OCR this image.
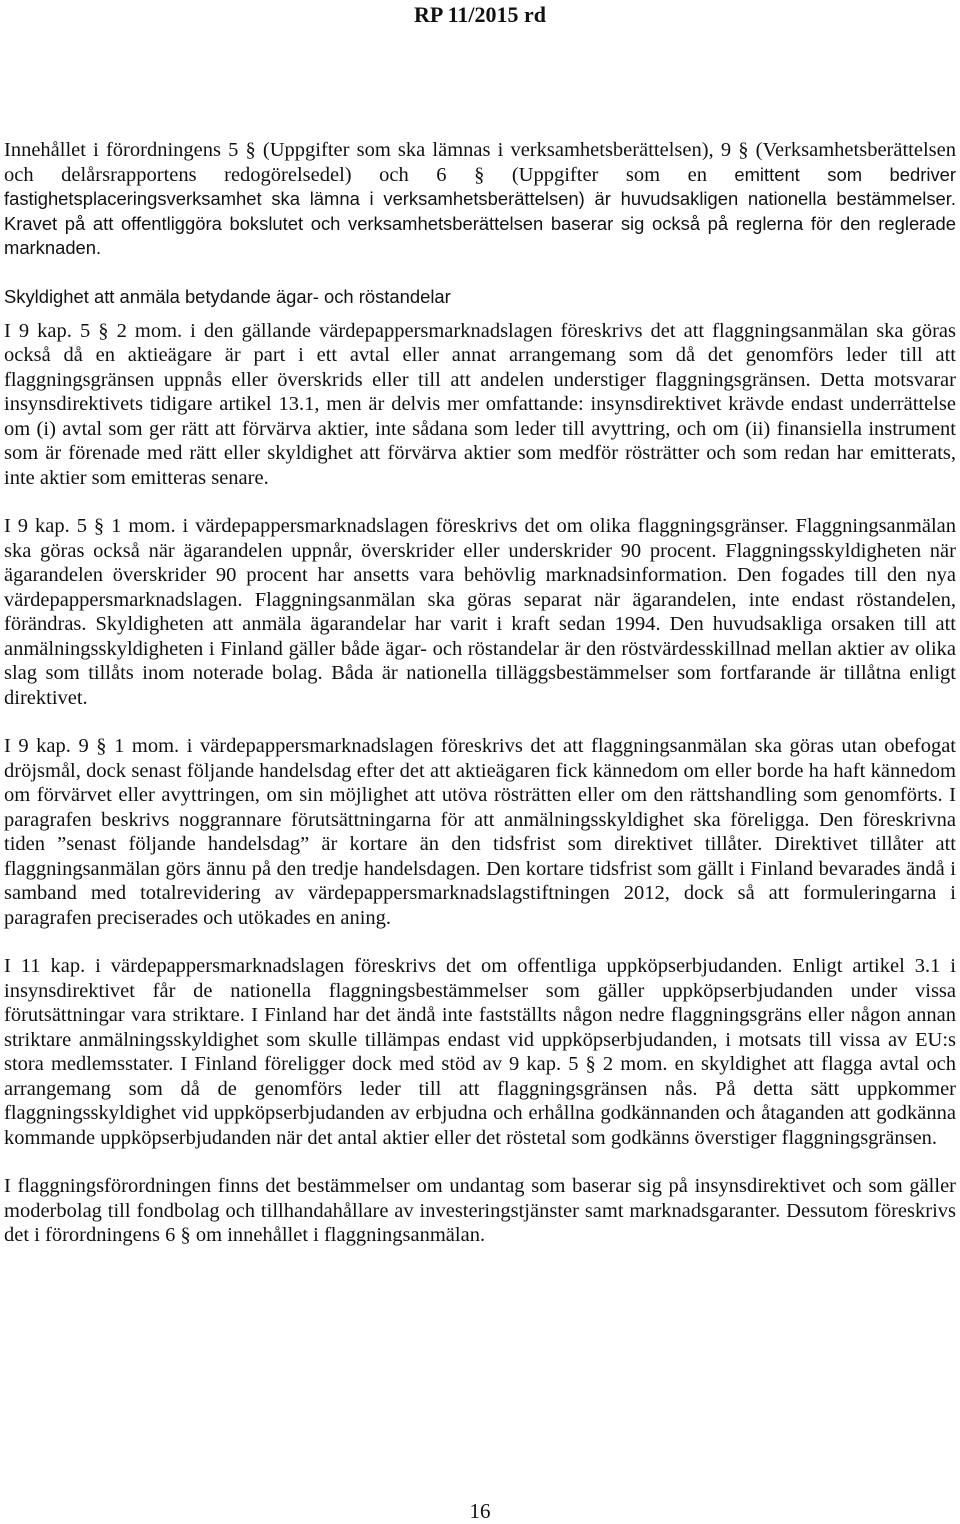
RP 11/2015 rd

Innehållet i förordningens 5 § (Uppgifter som ska lämnas i verksamhetsberättelsen), 9 § (Verksamhetsberättelsen och delårsrapportens redogörelsedel) och 6 § (Uppgifter som en emittent som bedriver fastighetsplaceringsverksamhet ska lämna i verksamhetsberättelsen) är huvudsakligen nationella bestämmelser. Kravet på att offentliggöra bokslutet och verksamhetsberättelsen baserar sig också på reglerna för den reglerade marknaden.

Skyldighet att anmäla betydande ägar- och röstandelar

I 9 kap. 5 § 2 mom. i den gällande värdepappersmarknadslagen föreskrivs det att flaggningsanmälan ska göras också då en aktieägare är part i ett avtal eller annat arrangemang som då det genomförs leder till att flaggningsgränsen uppnås eller överskrids eller till att andelen understiger flaggningsgränsen. Detta motsvarar insynsdirektivets tidigare artikel 13.1, men är delvis mer omfattande: insynsdirektivet krävde endast underrättelse om (i) avtal som ger rätt att förvärva aktier, inte sådana som leder till avyttring, och om (ii) finansiella instrument som är förenade med rätt eller skyldighet att förvärva aktier som medför rösträtter och som redan har emitterats, inte aktier som emitteras senare.

I 9 kap. 5 § 1 mom. i värdepappersmarknadslagen föreskrivs det om olika flaggningsgränser. Flaggningsanmälan ska göras också när ägarandelen uppnår, överskrider eller underskrider 90 procent. Flaggningsskyldigheten när ägarandelen överskrider 90 procent har ansetts vara behövlig marknadsinformation. Den fogades till den nya värdepappersmarknadslagen. Flaggningsanmälan ska göras separat när ägarandelen, inte endast röstandelen, förändras. Skyldigheten att anmäla ägarandelar har varit i kraft sedan 1994. Den huvudsakliga orsaken till att anmälningsskyldigheten i Finland gäller både ägar- och röstandelar är den röstvärdesskillnad mellan aktier av olika slag som tillåts inom noterade bolag. Båda är nationella tilläggsbestämmelser som fortfarande är tillåtna enligt direktivet.

I 9 kap. 9 § 1 mom. i värdepappersmarknadslagen föreskrivs det att flaggningsanmälan ska göras utan obefogat dröjsmål, dock senast följande handelsdag efter det att aktieägaren fick kännedom om eller borde ha haft kännedom om förvärvet eller avyttringen, om sin möjlighet att utöva rösträtten eller om den rättshandling som genomförts. I paragrafen beskrivs noggrannare förutsättningarna för att anmälningsskyldighet ska föreligga. Den föreskrivna tiden ”senast följande handelsdag” är kortare än den tidsfrist som direktivet tillåter. Direktivet tillåter att flaggningsanmälan görs ännu på den tredje handelsdagen. Den kortare tidsfrist som gällt i Finland bevarades ändå i samband med totalrevidering av värdepappersmarknadslagstiftningen 2012, dock så att formuleringarna i paragrafen preciserades och utökades en aning.

I 11 kap. i värdepappersmarknadslagen föreskrivs det om offentliga uppköpserbjudanden. Enligt artikel 3.1 i insynsdirektivet får de nationella flaggningsbestämmelser som gäller uppköpserbjudanden under vissa förutsättningar vara striktare. I Finland har det ändå inte fastställts någon nedre flaggningsgräns eller någon annan striktare anmälningsskyldighet som skulle tillämpas endast vid uppköpserbjudanden, i motsats till vissa av EU:s stora medlemsstater. I Finland föreligger dock med stöd av 9 kap. 5 § 2 mom. en skyldighet att flagga avtal och arrangemang som då de genomförs leder till att flaggningsgränsen nås. På detta sätt uppkommer flaggningsskyldighet vid uppköpserbjudanden av erbjudna och erhållna godkännanden och åtaganden att godkänna kommande uppköpserbjudanden när det antal aktier eller det röstetal som godkänns överstiger flaggningsgränsen.

I flaggningsförordningen finns det bestämmelser om undantag som baserar sig på insynsdirektivet och som gäller moderbolag till fondbolag och tillhandahållare av investeringstjänster samt marknadsgaranter. Dessutom föreskrivs det i förordningens 6 § om innehållet i flaggningsanmälan.

16
